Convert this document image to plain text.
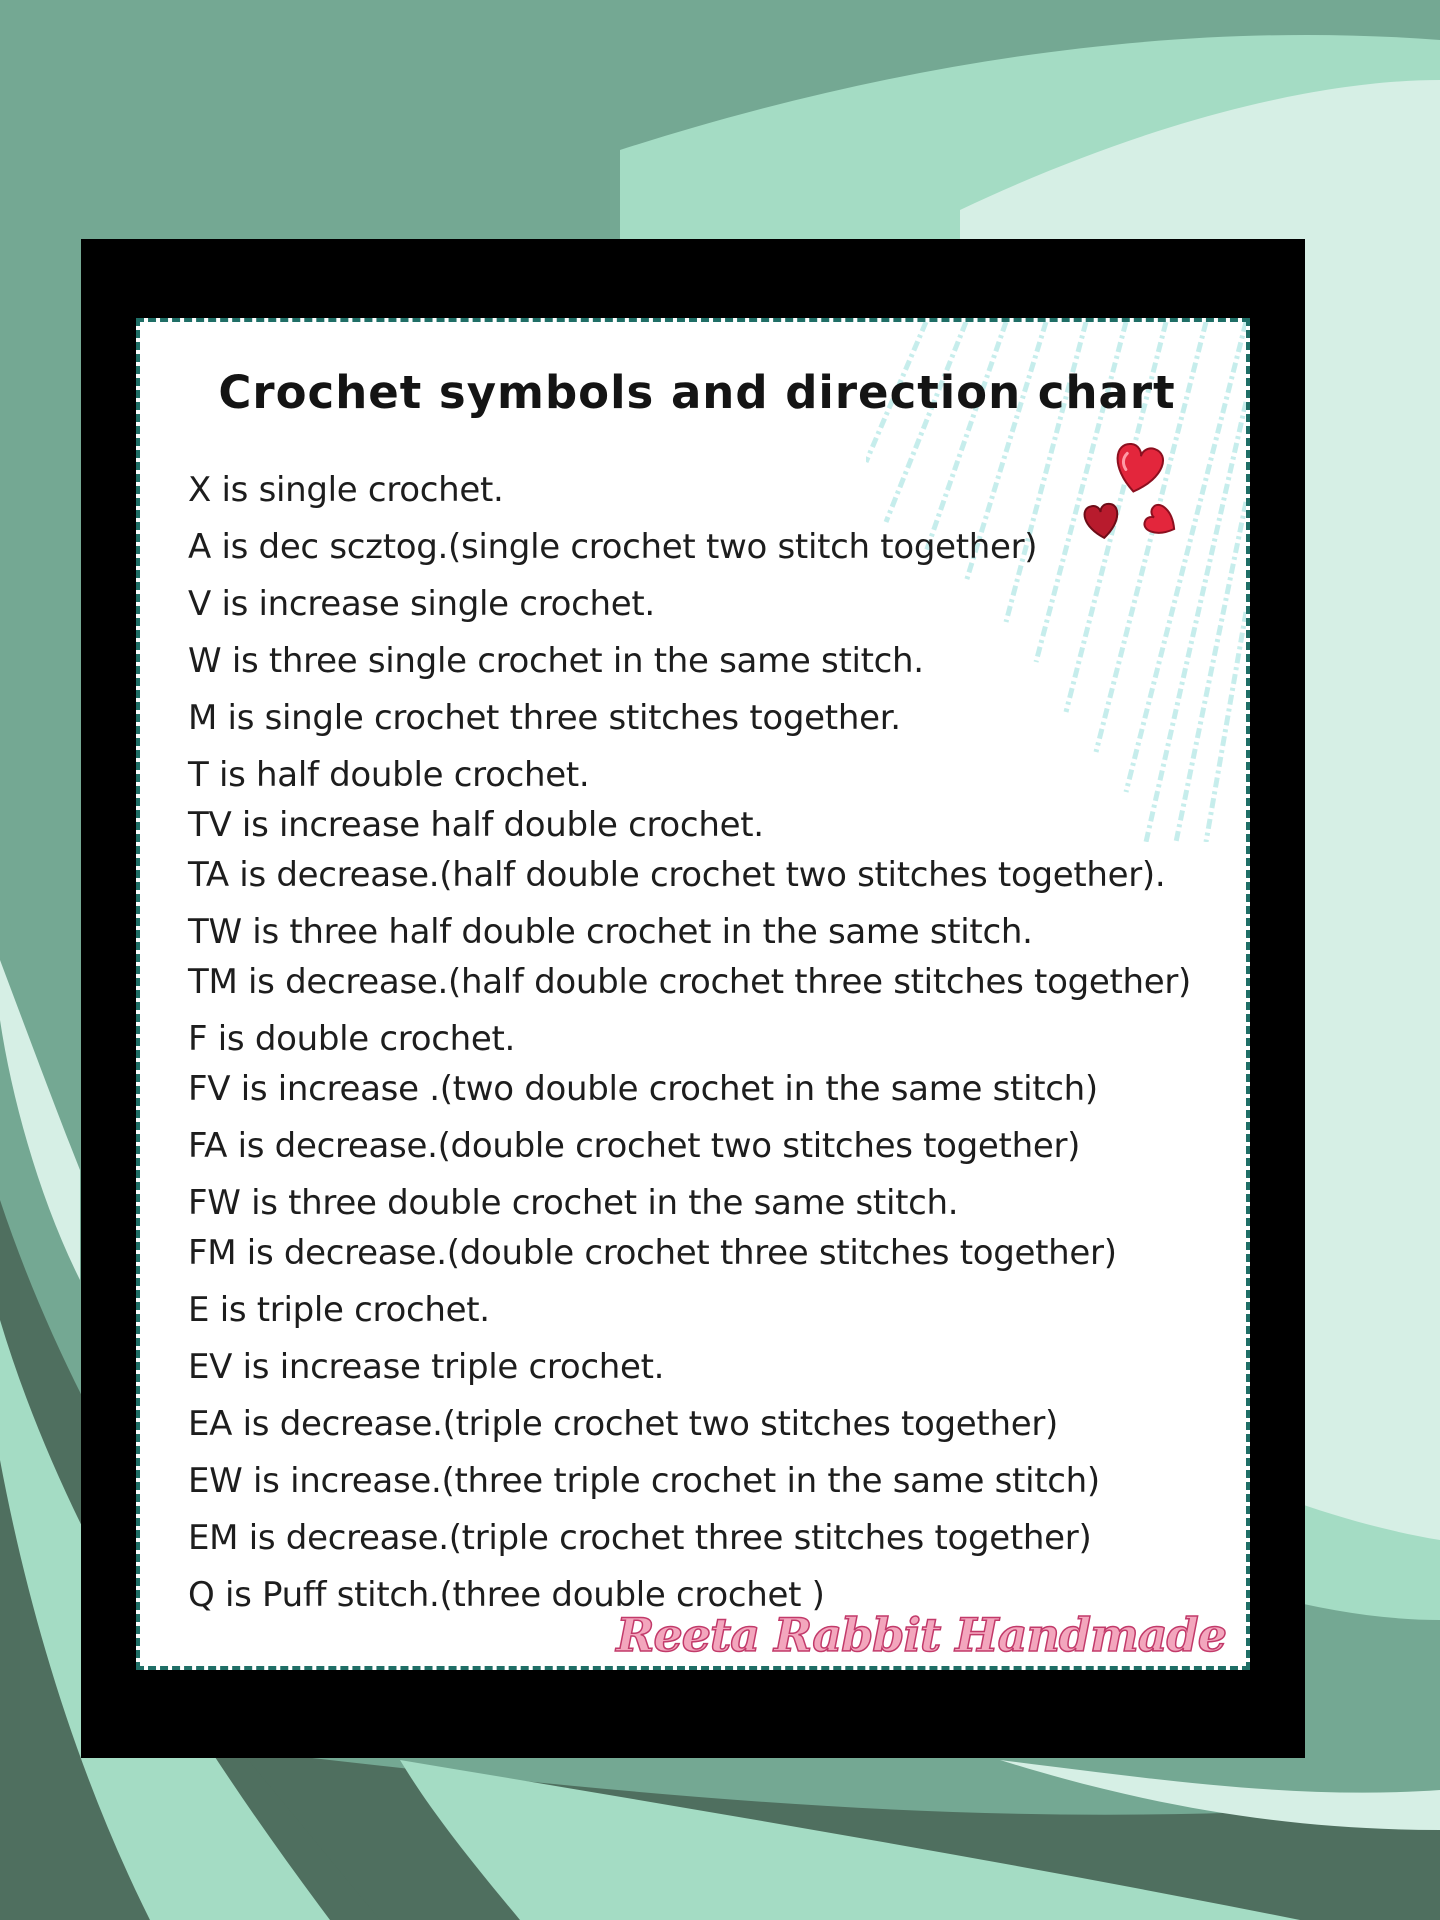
Crochet symbols and direction chart
X is single crochet.
A is dec scztog.(single crochet two stitch together)
V is increase single crochet.
W is three single crochet in the same stitch.
M is single crochet three stitches together.
T is half double crochet.
TV is increase half double crochet.
TA is decrease.(half double crochet two stitches together).
TW is three half double crochet in the same stitch.
TM is decrease.(half double crochet three stitches together)
F is double crochet.
FV is increase .(two double crochet in the same stitch)
FA is decrease.(double crochet two stitches together)
FW is three double crochet in the same stitch.
FM is decrease.(double crochet three stitches together)
E is triple crochet.
EV is increase triple crochet.
EA is decrease.(triple crochet two stitches together)
EW is increase.(three triple crochet in the same stitch)
EM is decrease.(triple crochet three stitches together)
Q is Puff stitch.(three double crochet )
Reeta Rabbit Handmade
